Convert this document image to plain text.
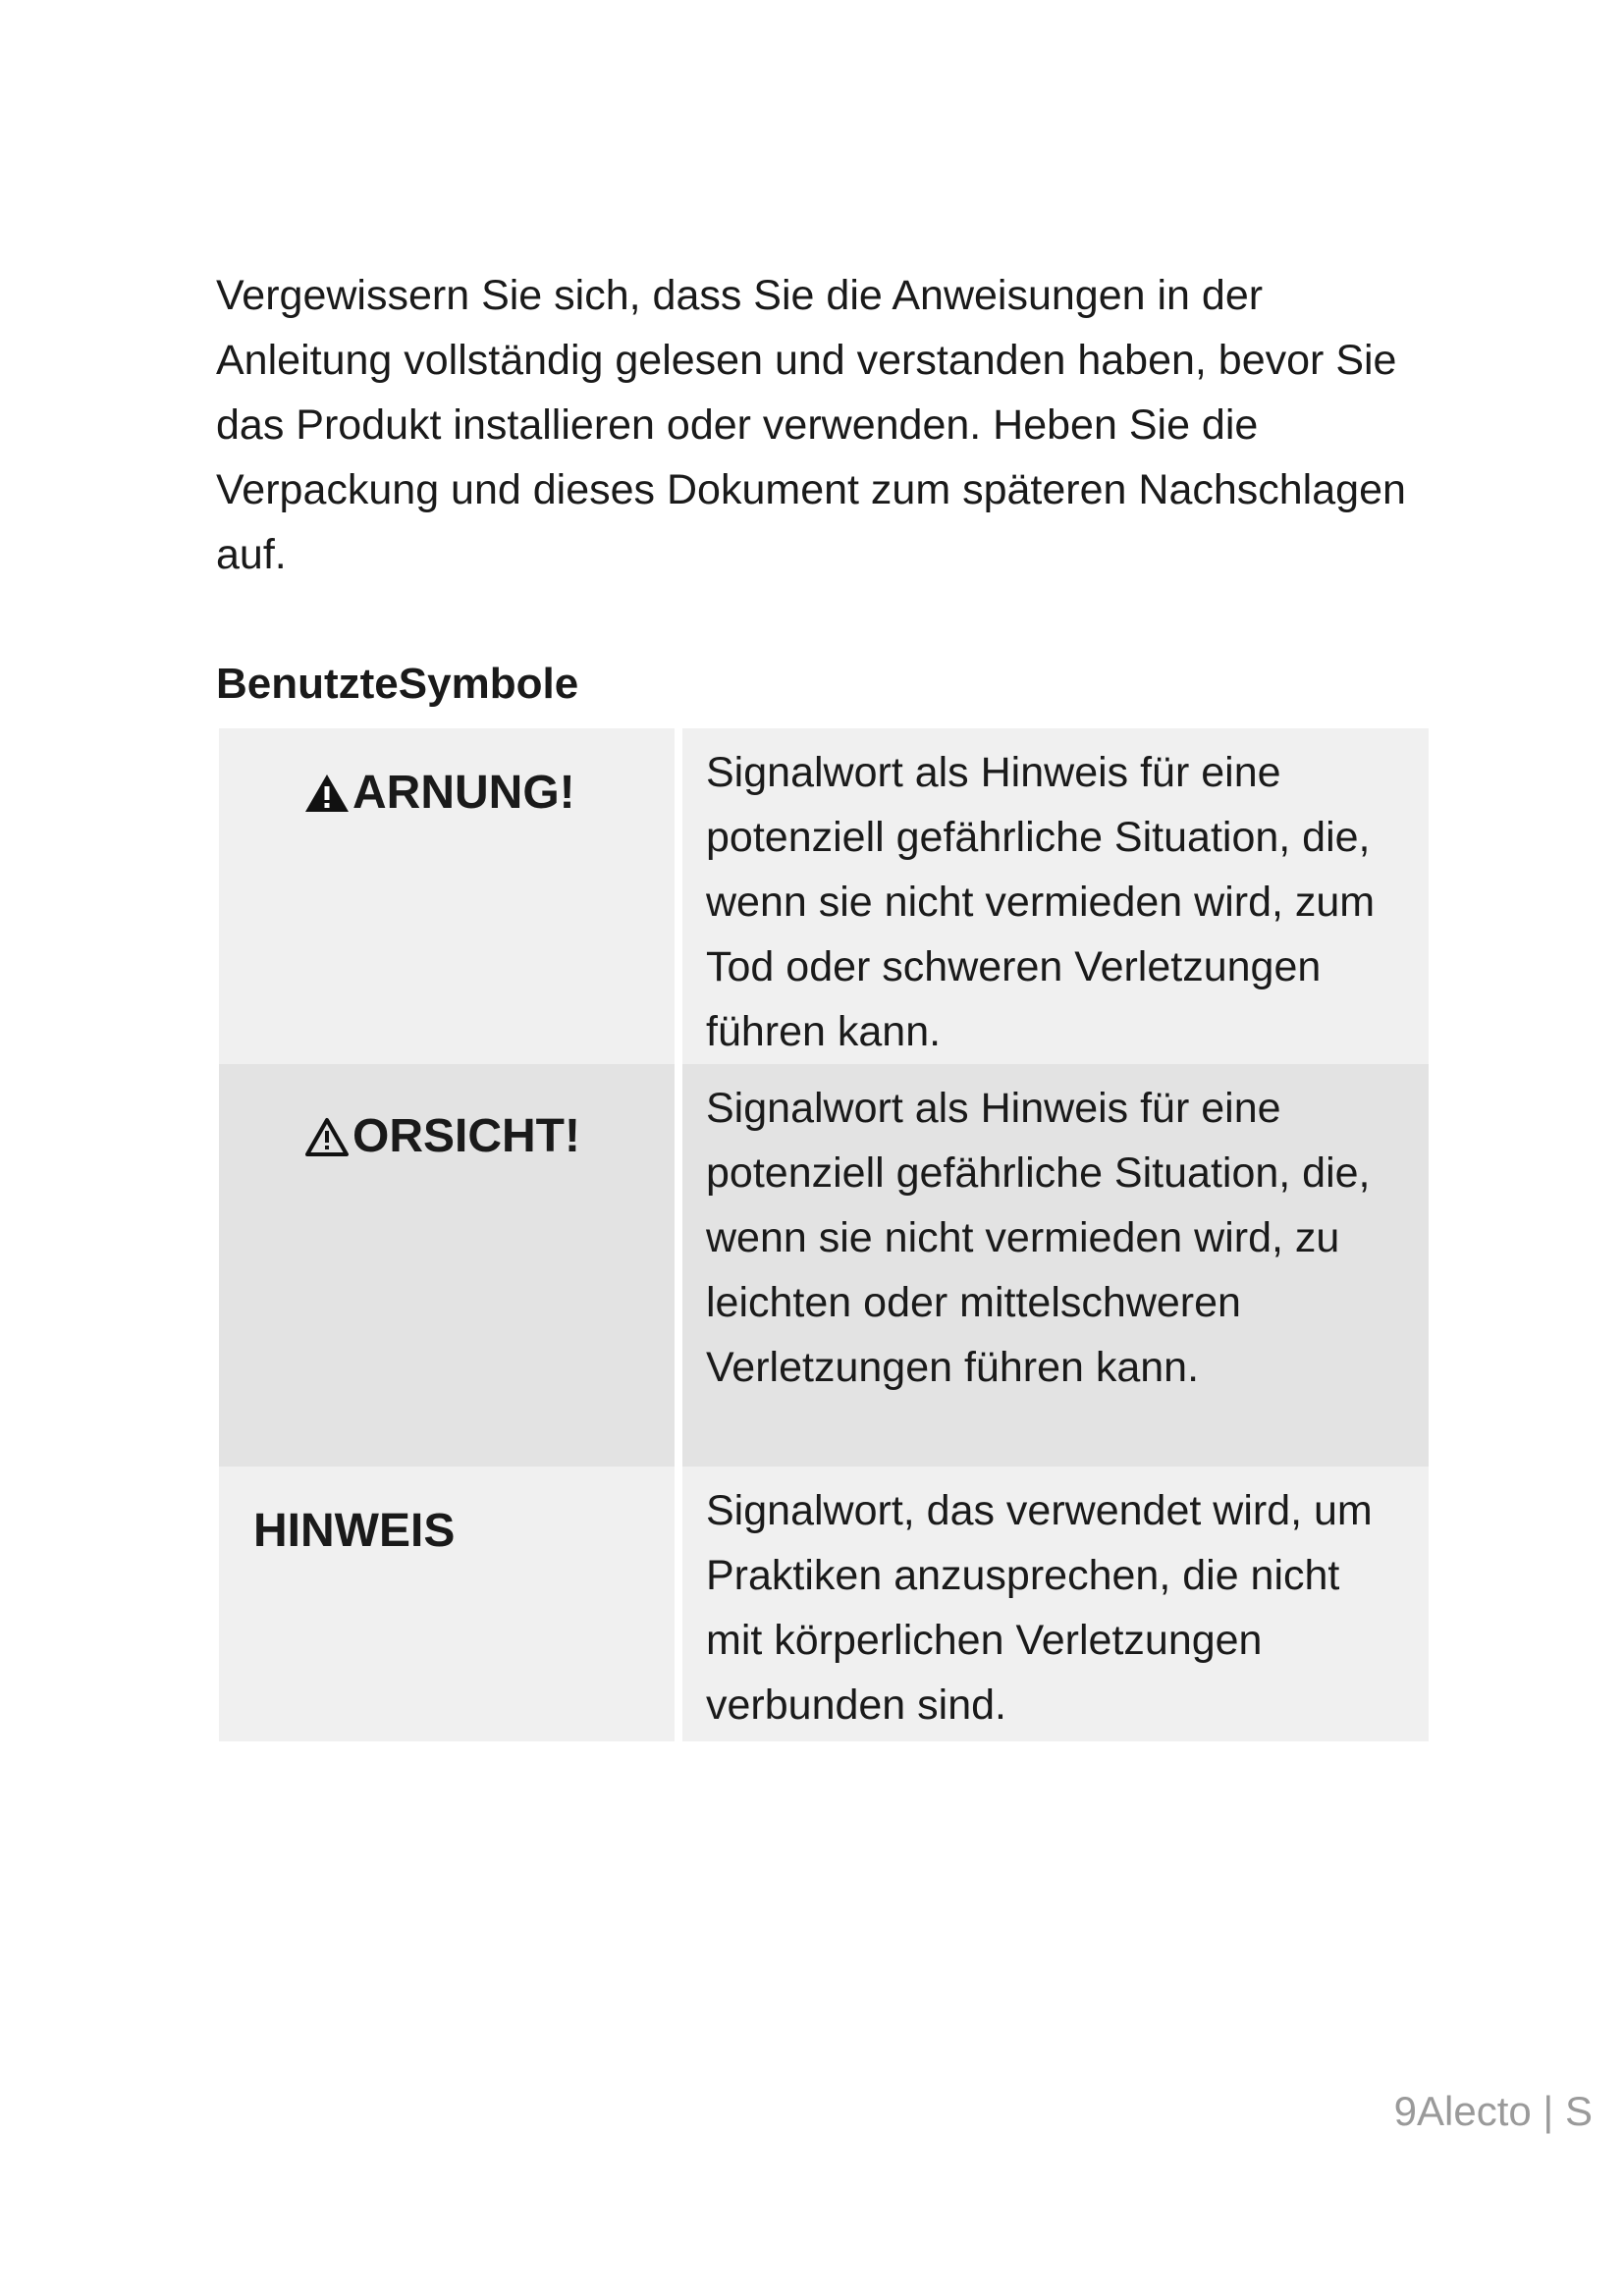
Vergewissern Sie sich, dass Sie die Anweisungen in der Anleitung vollständig gelesen und verstanden haben, bevor Sie das Produkt installieren oder verwenden. Heben Sie die Verpackung und dieses Dokument zum späteren Nachschlagen auf.

BenutzteSymbole
ARNUNG!	Signalwort als Hinweis für eine potenziell gefährliche Situation, die, wenn sie nicht vermieden wird, zum Tod oder schweren Verletzungen führen kann.

ORSICHT!	Signalwort als Hinweis für eine potenziell gefährliche Situation, die, wenn sie nicht vermieden wird, zu leichten oder mittelschweren Verletzungen führen kann.

HINWEIS	Signalwort, das verwendet wird, um Praktiken anzusprechen, die nicht mit körperlichen Verletzungen verbunden sind.
9Alecto | S
